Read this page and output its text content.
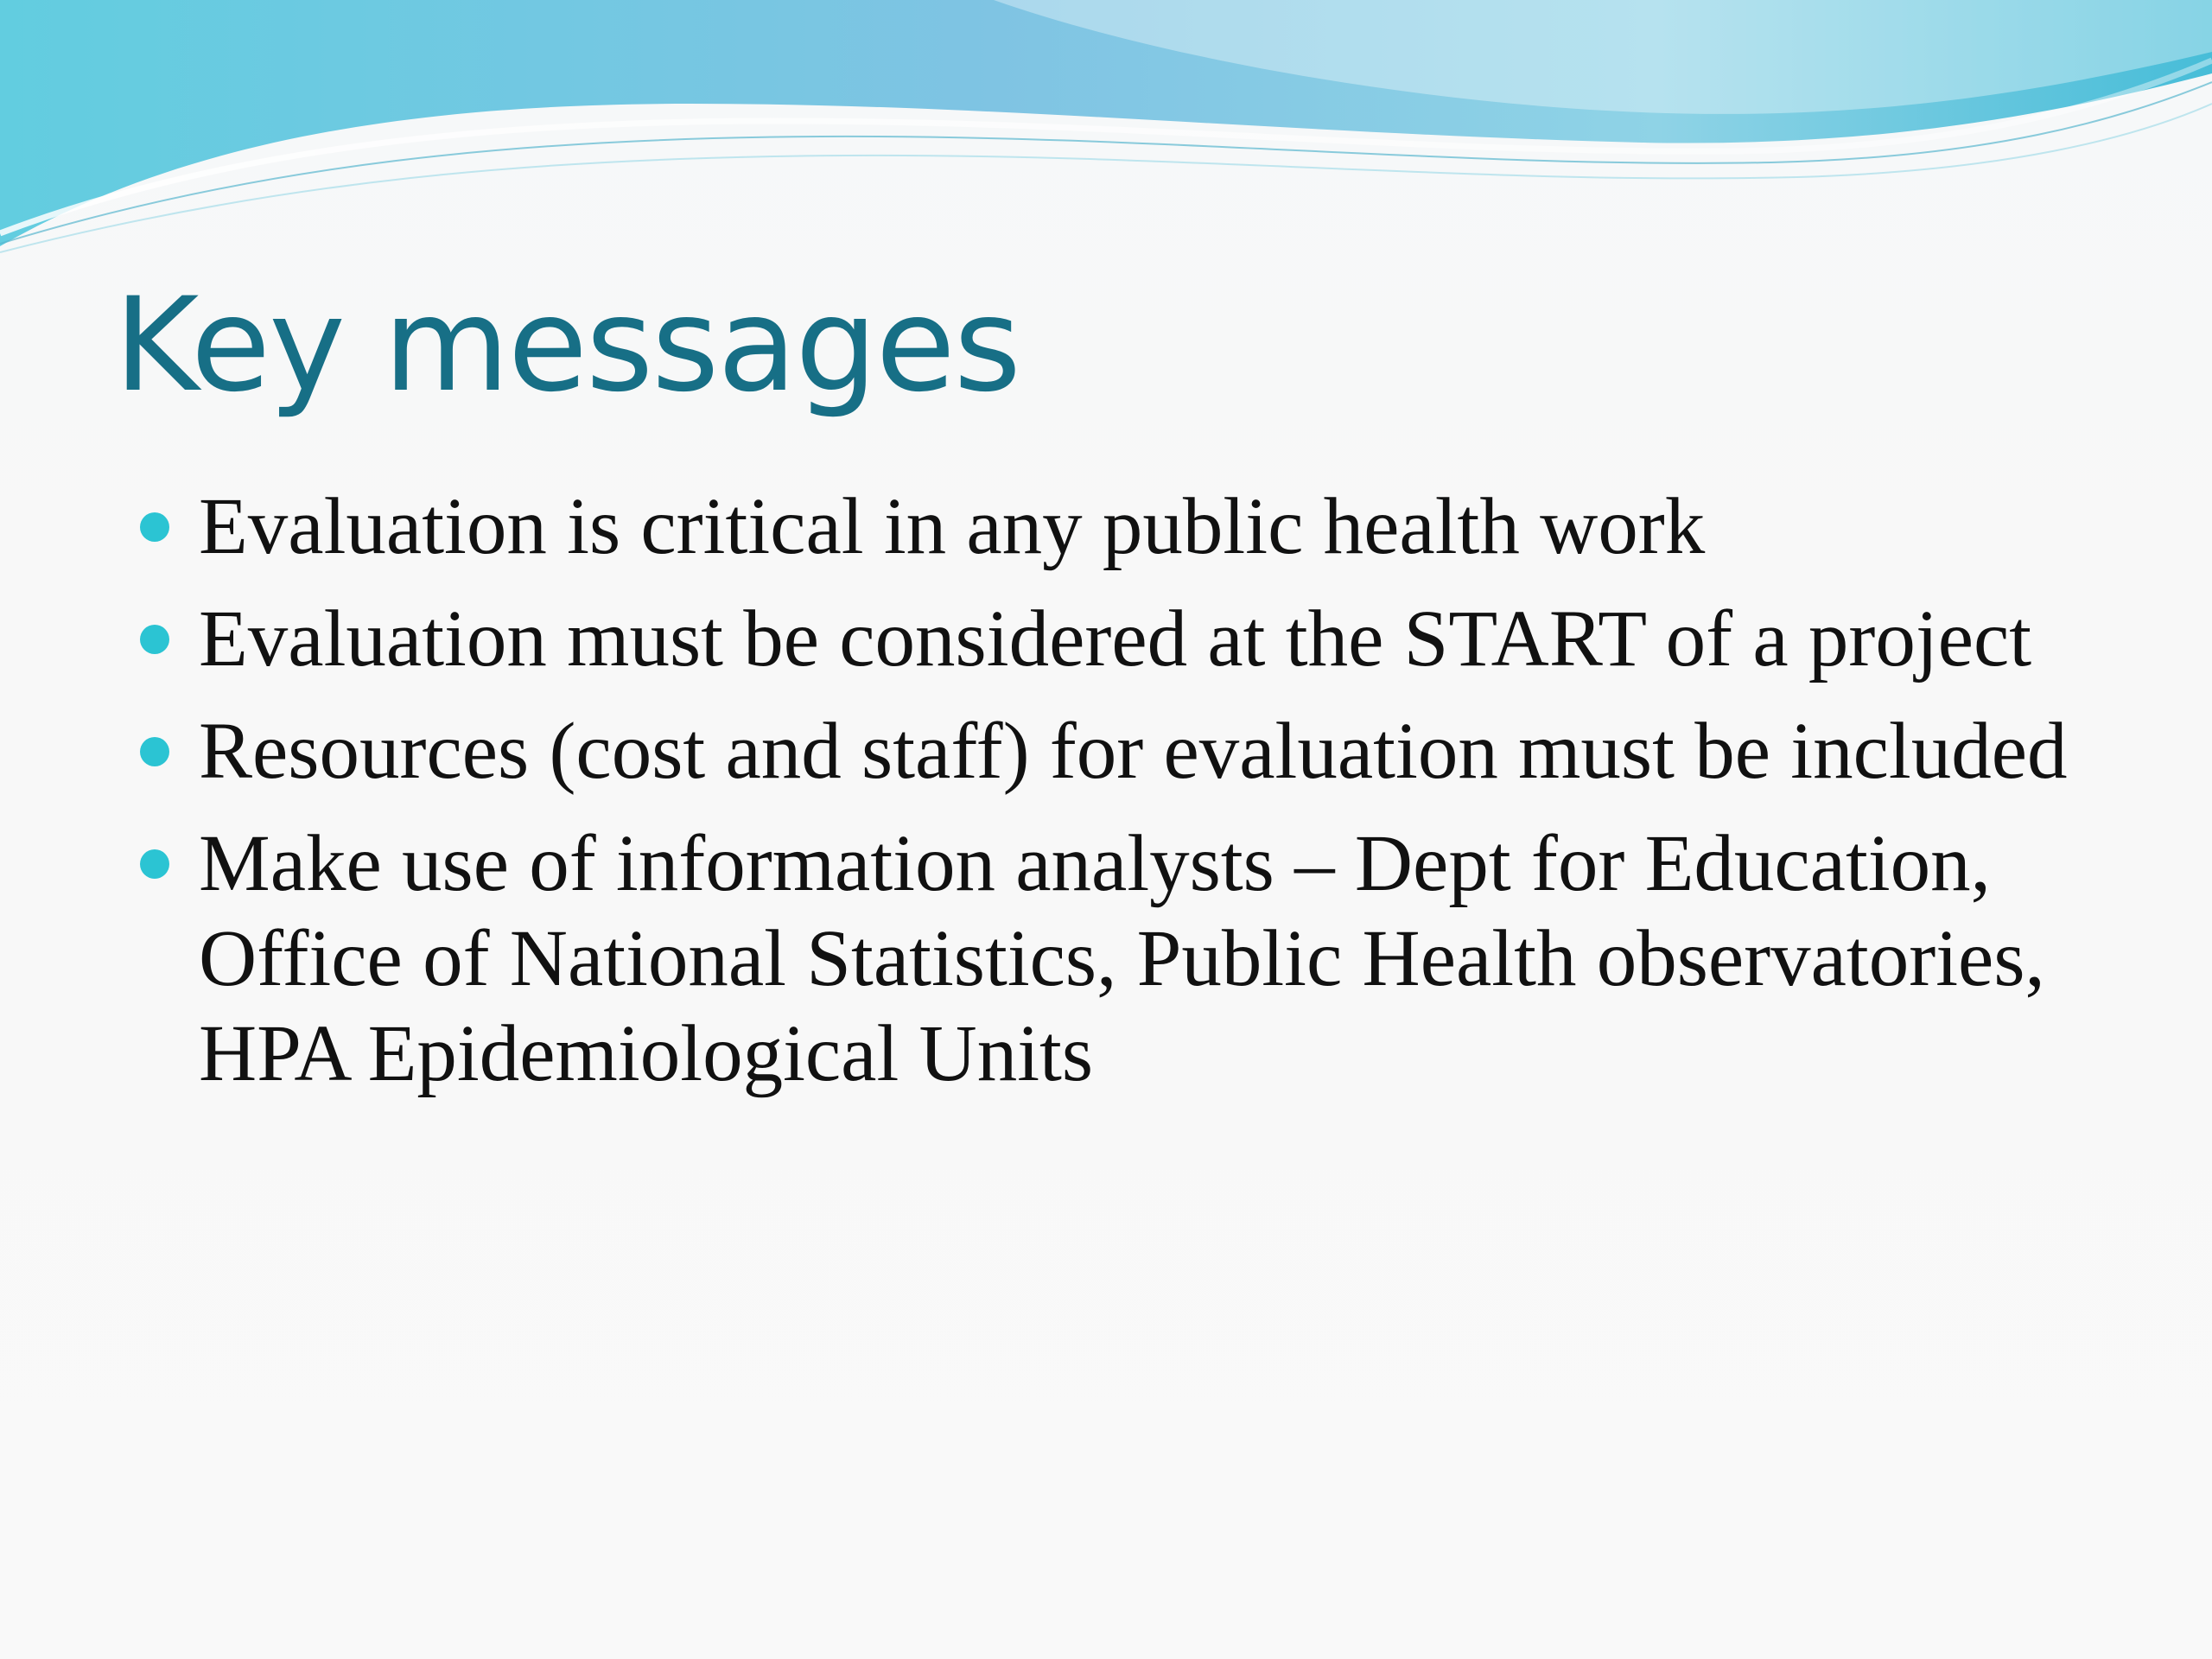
Key messages
Evaluation is critical in any public health work
Evaluation must be considered at the START of a project
Resources (cost and staff) for evaluation must be included
Make use of information analysts – Dept for Education, Office of National Statistics, Public Health observatories, HPA Epidemiological Units
